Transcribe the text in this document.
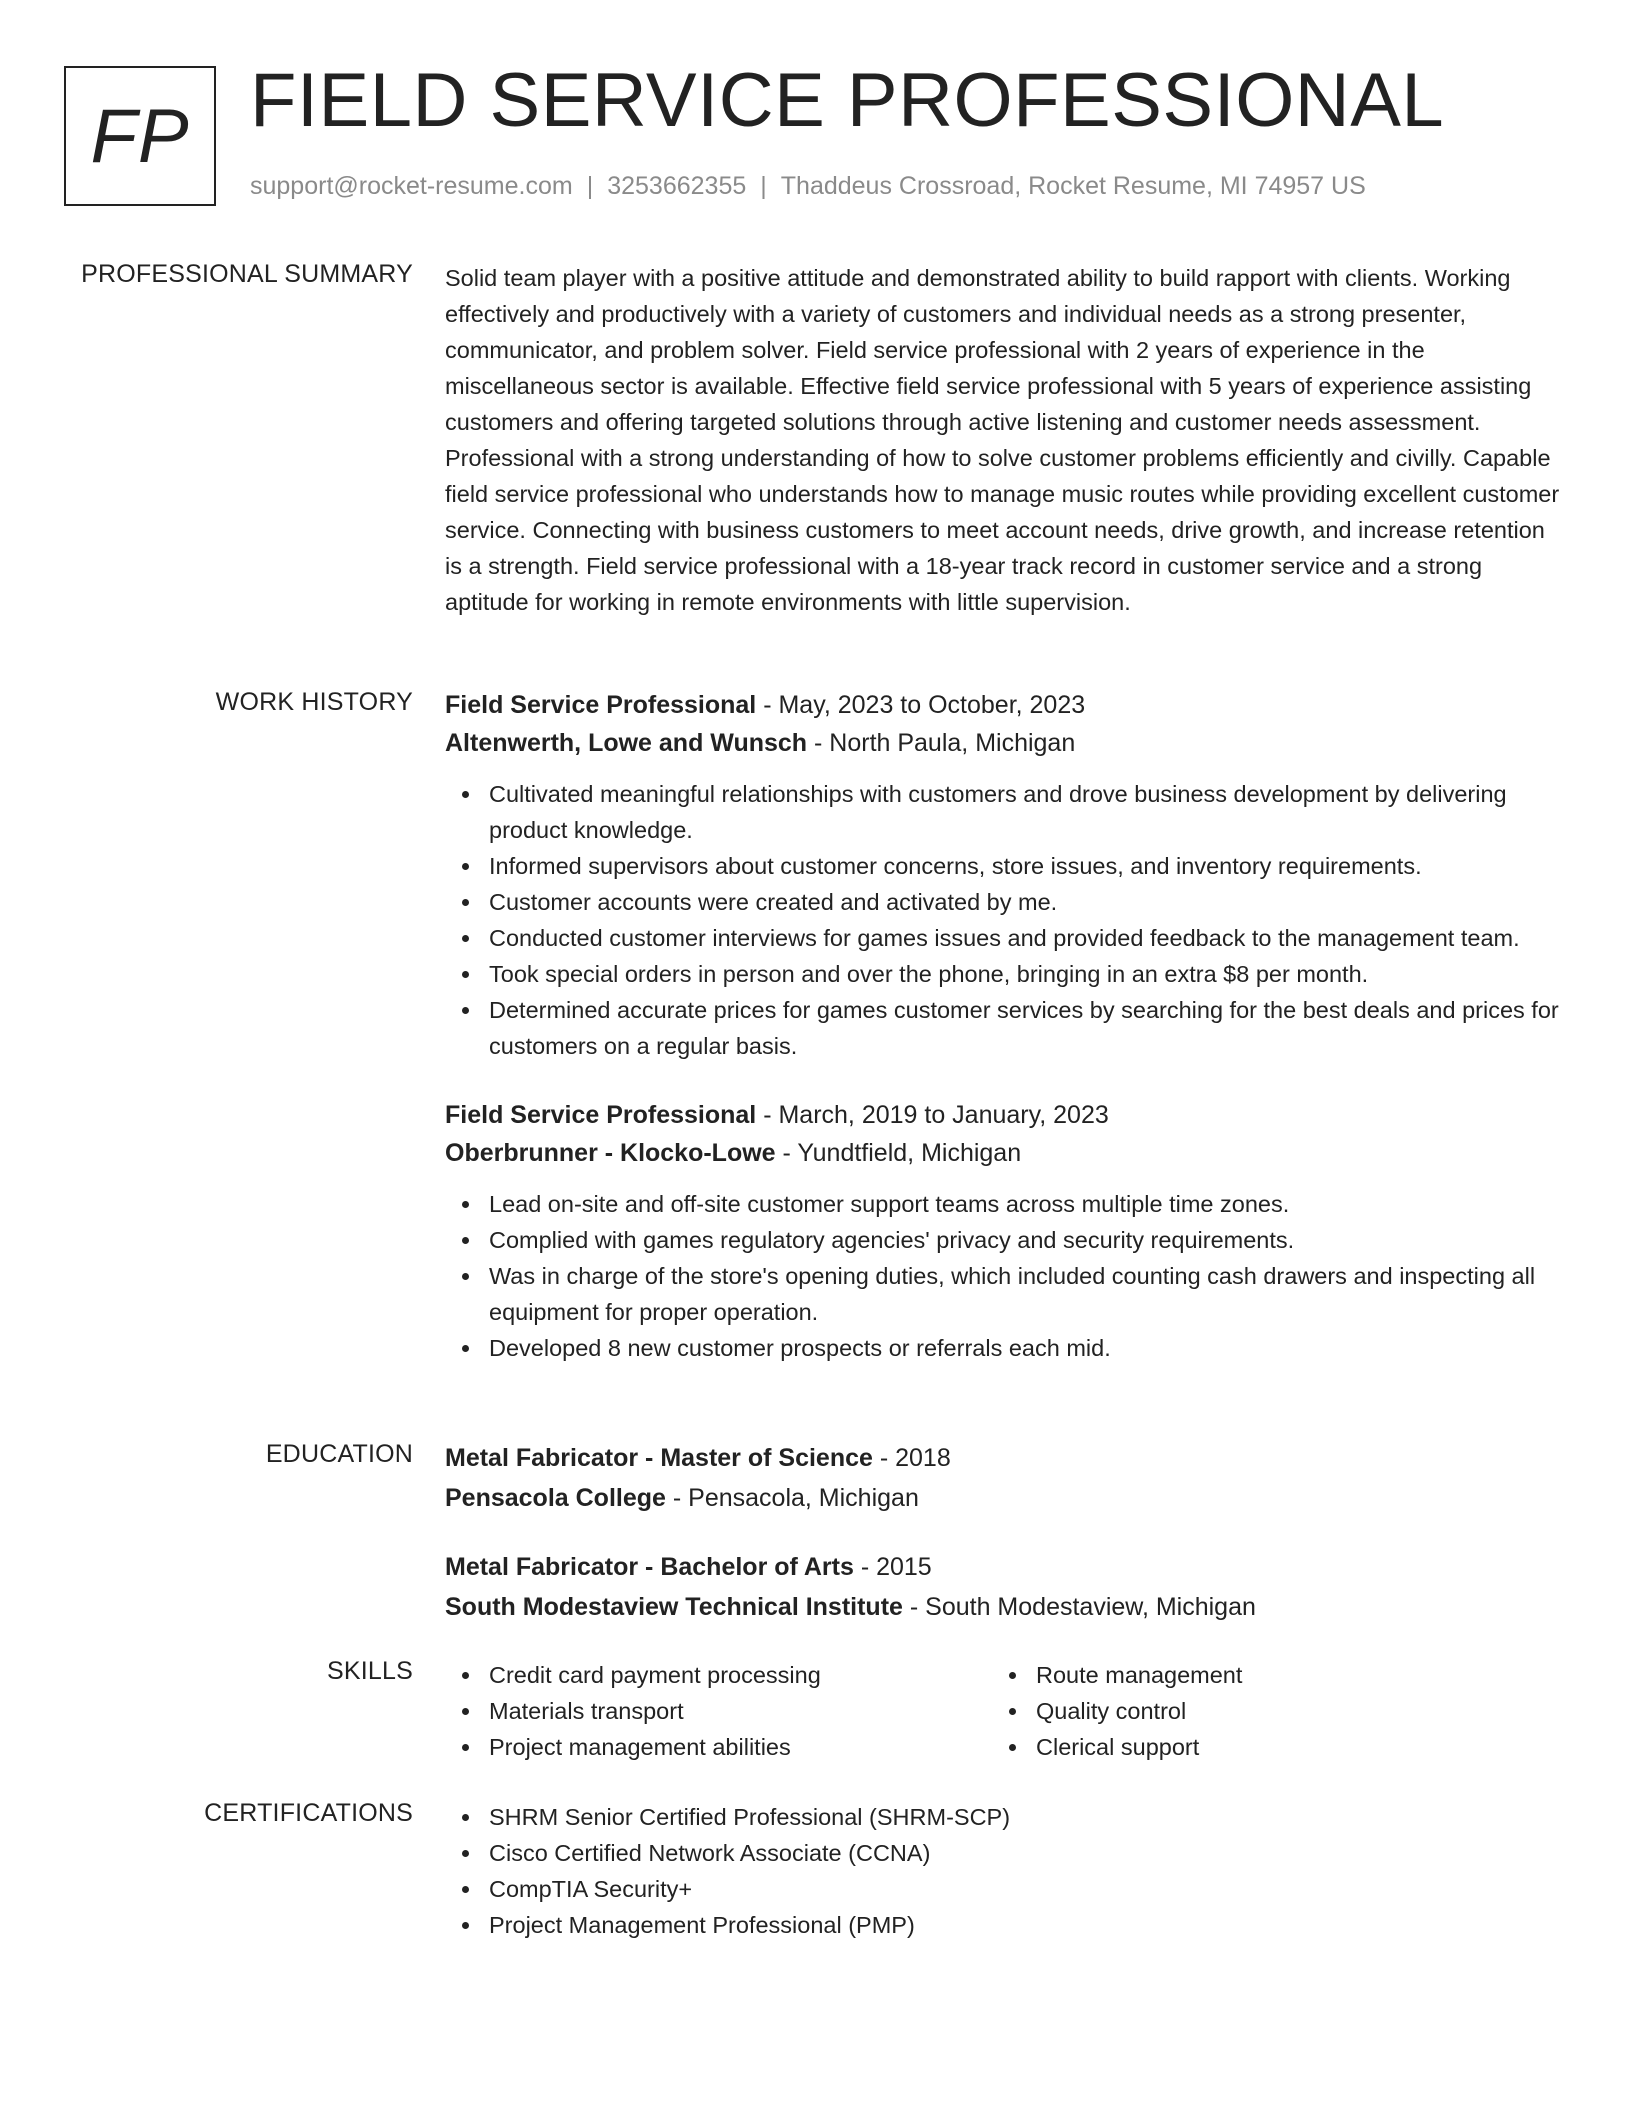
FP FIELD SERVICE PROFESSIONAL
support@rocket-resume.com | 3253662355 | Thaddeus Crossroad, Rocket Resume, MI 74957 US
PROFESSIONAL SUMMARY Solid team player with a positive attitude and demonstrated ability to build rapport with clients. Working effectively and productively with a variety of customers and individual needs as a strong presenter, communicator, and problem solver. Field service professional with 2 years of experience in the miscellaneous sector is available. Effective field service professional with 5 years of experience assisting customers and offering targeted solutions through active listening and customer needs assessment. Professional with a strong understanding of how to solve customer problems efficiently and civilly. Capable field service professional who understands how to manage music routes while providing excellent customer service. Connecting with business customers to meet account needs, drive growth, and increase retention is a strength. Field service professional with a 18-year track record in customer service and a strong aptitude for working in remote environments with little supervision.

WORK HISTORY Field Service Professional - May, 2023 to October, 2023
Altenwerth, Lowe and Wunsch - North Paula, Michigan
Cultivated meaningful relationships with customers and drove business development by delivering product knowledge.
Informed supervisors about customer concerns, store issues, and inventory requirements.
Customer accounts were created and activated by me.
Conducted customer interviews for games issues and provided feedback to the management team.
Took special orders in person and over the phone, bringing in an extra $8 per month.
Determined accurate prices for games customer services by searching for the best deals and prices for customers on a regular basis.
Field Service Professional - March, 2019 to January, 2023
Oberbrunner - Klocko-Lowe - Yundtfield, Michigan
Lead on-site and off-site customer support teams across multiple time zones.
Complied with games regulatory agencies' privacy and security requirements.
Was in charge of the store's opening duties, which included counting cash drawers and inspecting all equipment for proper operation.
Developed 8 new customer prospects or referrals each mid.
EDUCATION Metal Fabricator - Master of Science - 2018
Pensacola College - Pensacola, Michigan
Metal Fabricator - Bachelor of Arts - 2015
South Modestaview Technical Institute - South Modestaview, Michigan
SKILLS	Credit card payment processing
Materials transport
Project management abilities
Route management
Quality control
Clerical support
CERTIFICATIONS	SHRM Senior Certified Professional (SHRM-SCP)
Cisco Certified Network Associate (CCNA)
CompTIA Security+
Project Management Professional (PMP)
